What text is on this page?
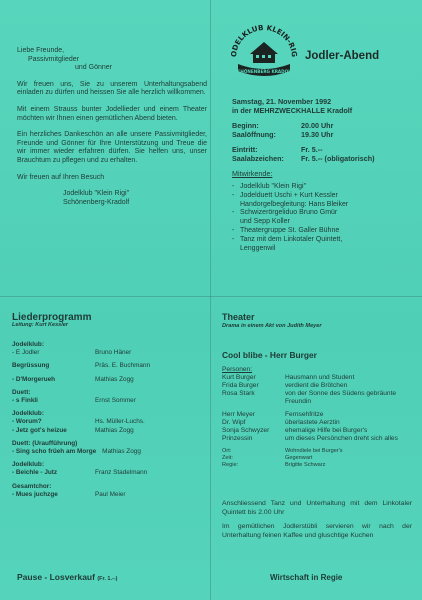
Liebe Freunde,
Passivmitglieder
und Gönner

Wir freuen uns, Sie zu unserem Unterhaltungsabend einladen zu dürfen und heissen Sie alle herzlich willkommen.

Mit einem Strauss bunter Jodellieder und einem Theater möchten wir Ihnen einen gemütlichen Abend bieten.

Ein herzliches Dankeschön an alle unsere Passivmitglieder, Freunde und Gönner für Ihre Unterstützung und Treue die wir immer wieder erfahren dürfen. Sie helfen uns, unser Brauchtum zu pflegen und zu erhalten.

Wir freuen auf Ihren Besuch

Jodelklub "Klein Rigi"
Schönenberg-Kradolf
ODELKLUB KLEIN-RIG
SCHÖNENBERG KRADOLF
Jodler-Abend
Samstag, 21. November 1992
in der MEHRZWECKHALLE Kradolf
Beginn:	20.00 Uhr
Saalöffnung:	19.30 Uhr
Eintritt:	Fr. 5.--
Saalabzeichen:	Fr. 5.-- (obligatorisch)
Mitwirkende:
- Jodelklub "Klein Rigi"
- Jodelduett Uschi + Kurt Kessler
Handorgelbegleitung: Hans Bleiker
- Schwizerörgeliduo Bruno Gmür
und Sepp Koller
- Theatergruppe St. Galler Bühne
- Tanz mit dem Linkotaler Quintett,
Lenggenwil
Liederprogramm
Leitung: Kurt Kessler
Jodelklub:
- E Jodler	Bruno Häner
Begrüssung	Präs. E. Buchmann
- D'Morgerueh	Mathias Zogg
Duett:
- s Finkli	Ernst Sommer
Jodelklub:
- Worum?	Hs. Müller-Luchs.
- Jetz got's heizue	Mathias Zogg
Duett: (Uraufführung)
- Sing scho früeh am Morge Mathias Zogg
Jodelklub:
- Beichle - Jutz	Franz Stadelmann
Gesamtchor:
- Mues juchzge	Paul Meier
Pause - Losverkauf (Fr. 1.--)
Theater
Drama in einem Akt von Judith Meyer
Cool blibe - Herr Burger
Personen:
Kurt Burger	Hausmann und Student
Frida Burger	verdient die Brötchen
Rosa Stark	von der Sonne des Südens gebräunte Freundin
Herr Meyer	Fernsehfritze
Dr. Wipf	überlastete Aerztin
Sonja Schwyzer	ehemalige Hilfe bei Burger's
Prinzessin	um dieses Persönchen dreht sich alles
Ort:	Wohndiele bei Burger's
Zeit:	Gegenwart
Regie:	Brigitte Schwarz

Anschliessend Tanz und Unterhaltung mit dem Linkotaler Quintett bis 2.00 Uhr

Im gemütlichen Jodlerstübli servieren wir nach der Unterhaltung feinen Kaffee und gluschtige Kuchen

Wirtschaft in Regie
